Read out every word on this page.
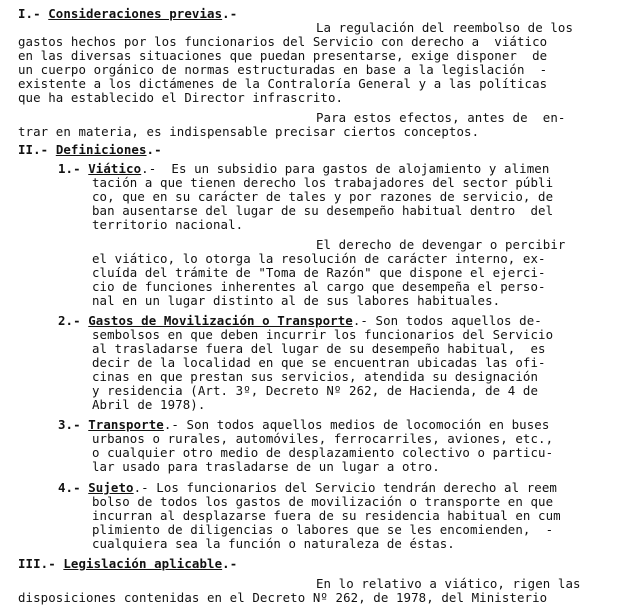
I.- Consideraciones previas.-
La regulación del reembolso de los
gastos hechos por los funcionarios del Servicio con derecho a  viático
en las diversas situaciones que puedan presentarse, exige disponer  de
un cuerpo orgánico de normas estructuradas en base a la legislación  -
existente a los dictámenes de la Contraloría General y a las políticas
que ha establecido el Director infrascrito.
Para estos efectos, antes de  en-
trar en materia, es indispensable precisar ciertos conceptos.
II.- Definiciones.-
1.- Viático.-  Es un subsidio para gastos de alojamiento y alimen
tación a que tienen derecho los trabajadores del sector públi
co, que en su carácter de tales y por razones de servicio, de
ban ausentarse del lugar de su desempeño habitual dentro  del
territorio nacional.
El derecho de devengar o percibir
el viático, lo otorga la resolución de carácter interno, ex-
cluída del trámite de "Toma de Razón" que dispone el ejerci-
cio de funciones inherentes al cargo que desempeña el perso-
nal en un lugar distinto al de sus labores habituales.
2.- Gastos de Movilización o Transporte.- Son todos aquellos de-
sembolsos en que deben incurrir los funcionarios del Servicio
al trasladarse fuera del lugar de su desempeño habitual,  es
decir de la localidad en que se encuentran ubicadas las ofi-
cinas en que prestan sus servicios, atendida su designación
y residencia (Art. 3º, Decreto Nº 262, de Hacienda, de 4 de
Abril de 1978).
3.- Transporte.- Son todos aquellos medios de locomoción en buses
urbanos o rurales, automóviles, ferrocarriles, aviones, etc.,
o cualquier otro medio de desplazamiento colectivo o particu-
lar usado para trasladarse de un lugar a otro.
4.- Sujeto.- Los funcionarios del Servicio tendrán derecho al reem
bolso de todos los gastos de movilización o transporte en que
incurran al desplazarse fuera de su residencia habitual en cum
plimiento de diligencias o labores que se les encomienden,  -
cualquiera sea la función o naturaleza de éstas.
III.- Legislación aplicable.-
En lo relativo a viático, rigen las
disposiciones contenidas en el Decreto Nº 262, de 1978, del Ministerio
